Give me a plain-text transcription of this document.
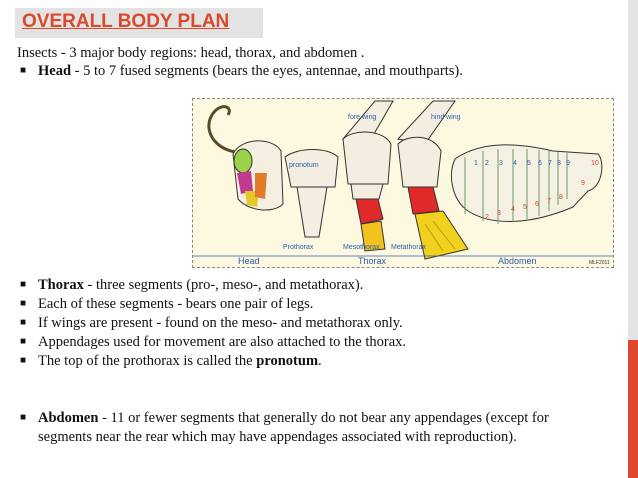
OVERALL BODY PLAN
Insects - 3 major body regions: head, thorax, and abdomen .
■ Head - 5 to 7 fused segments (bears the eyes, antennae, and mouthparts).
1 2 3 4 5 6 7 8 9	10
2
3
4 5 6 7
8
9
fore wing	hind wing
pronotum
Prothorax	Mesothorax Metathorax
Head	Thorax	Abdomen	MLF2011
■ Thorax - three segments (pro-, meso-, and metathorax).
■ Each of these segments - bears one pair of legs.
■ If wings are present - found on the meso- and metathorax only.
■ Appendages used for movement are also attached to the thorax.
■ The top of the prothorax is called the pronotum.
■ Abdomen - 11 or fewer segments that generally do not bear any appendages (except for
segments near the rear which may have appendages associated with reproduction).
